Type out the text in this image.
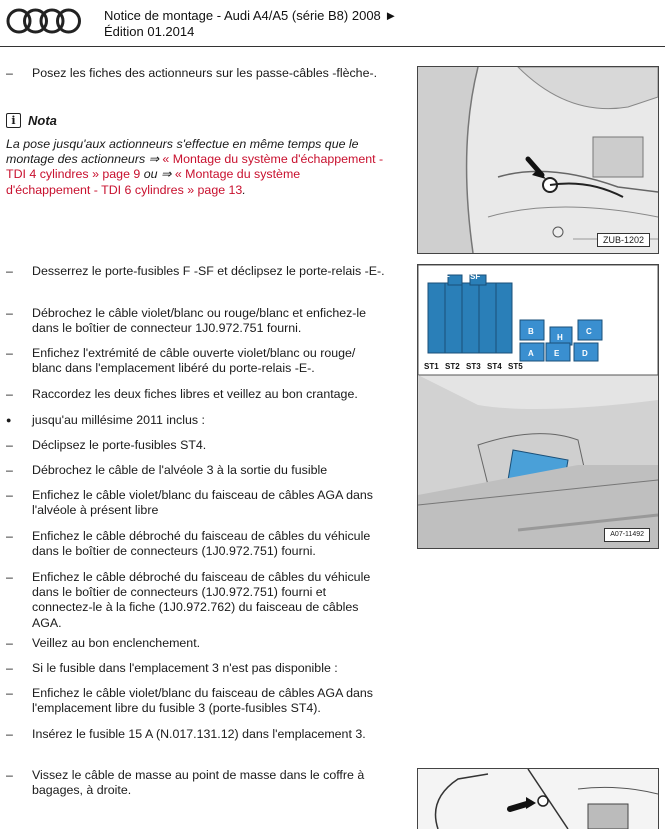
Notice de montage - Audi A4/A5 (série B8) 2008 ►
Édition 01.2014
–	Posez les fiches des actionneurs sur les passe-câbles -flèche-.
i Nota
La pose jusqu'aux actionneurs s'effectue en même temps que le montage des actionneurs ⇒ « Montage du système d'échappement - TDI 4 cylindres » page 9 ou ⇒ « Montage du système d'échappement - TDI 6 cylindres » page 13.
–	Desserrez le porte-fusibles F -SF et déclipsez le porte-relais -E-.
–	Débrochez le câble violet/blanc ou rouge/blanc et enfichez-le dans le boîtier de connecteur 1J0.972.751 fourni.
–	Enfichez l'extrémité de câble ouverte violet/blanc ou rouge/ blanc dans l'emplacement libéré du porte-relais -E-.
–	Raccordez les deux fiches libres et veillez au bon crantage.
●	jusqu'au millésime 2011 inclus :
–	Déclipsez le porte-fusibles ST4.
–	Débrochez le câble de l'alvéole 3 à la sortie du fusible
–	Enfichez le câble violet/blanc du faisceau de câbles AGA dans l'alvéole à présent libre
–	Enfichez le câble débroché du faisceau de câbles du véhicule dans le boîtier de connecteurs (1J0.972.751) fourni.
–	Enfichez le câble débroché du faisceau de câbles du véhicule dans le boîtier de connecteurs (1J0.972.751) fourni et connectez-le à la fiche (1J0.972.762) du faisceau de câbles AGA.
–	Veillez au bon enclenchement.
–	Si le fusible dans l'emplacement 3 n'est pas disponible :
–	Enfichez le câble violet/blanc du faisceau de câbles AGA dans l'emplacement libre du fusible 3 (porte-fusibles ST4).
–	Insérez le fusible 15 A (N.017.131.12) dans l'emplacement 3.
–	Vissez le câble de masse au point de masse dans le coffre à bagages, à droite.
ZUB-1202
F	SF
B
H
C
A	E	D
ST1 ST2 ST3 ST4 ST5
A07-11492
